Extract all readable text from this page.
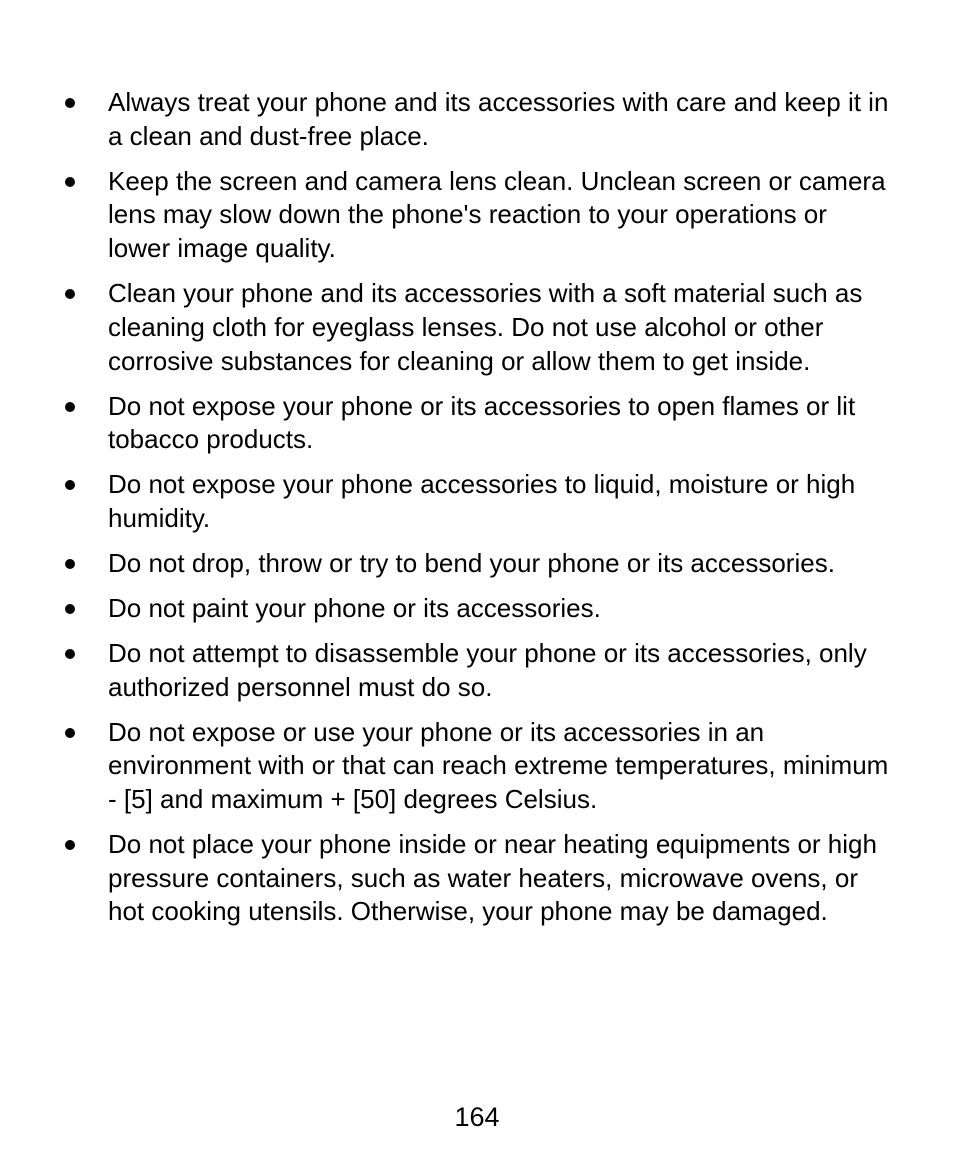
Always treat your phone and its accessories with care and keep it in a clean and dust-free place.
Keep the screen and camera lens clean. Unclean screen or camera lens may slow down the phone's reaction to your operations or lower image quality.
Clean your phone and its accessories with a soft material such as cleaning cloth for eyeglass lenses. Do not use alcohol or other corrosive substances for cleaning or allow them to get inside.
Do not expose your phone or its accessories to open flames or lit tobacco products.
Do not expose your phone accessories to liquid, moisture or high humidity.
Do not drop, throw or try to bend your phone or its accessories.
Do not paint your phone or its accessories.
Do not attempt to disassemble your phone or its accessories, only authorized personnel must do so.
Do not expose or use your phone or its accessories in an environment with or that can reach extreme temperatures, minimum - [5] and maximum + [50] degrees Celsius.
Do not place your phone inside or near heating equipments or high pressure containers, such as water heaters, microwave ovens, or hot cooking utensils. Otherwise, your phone may be damaged.
164
